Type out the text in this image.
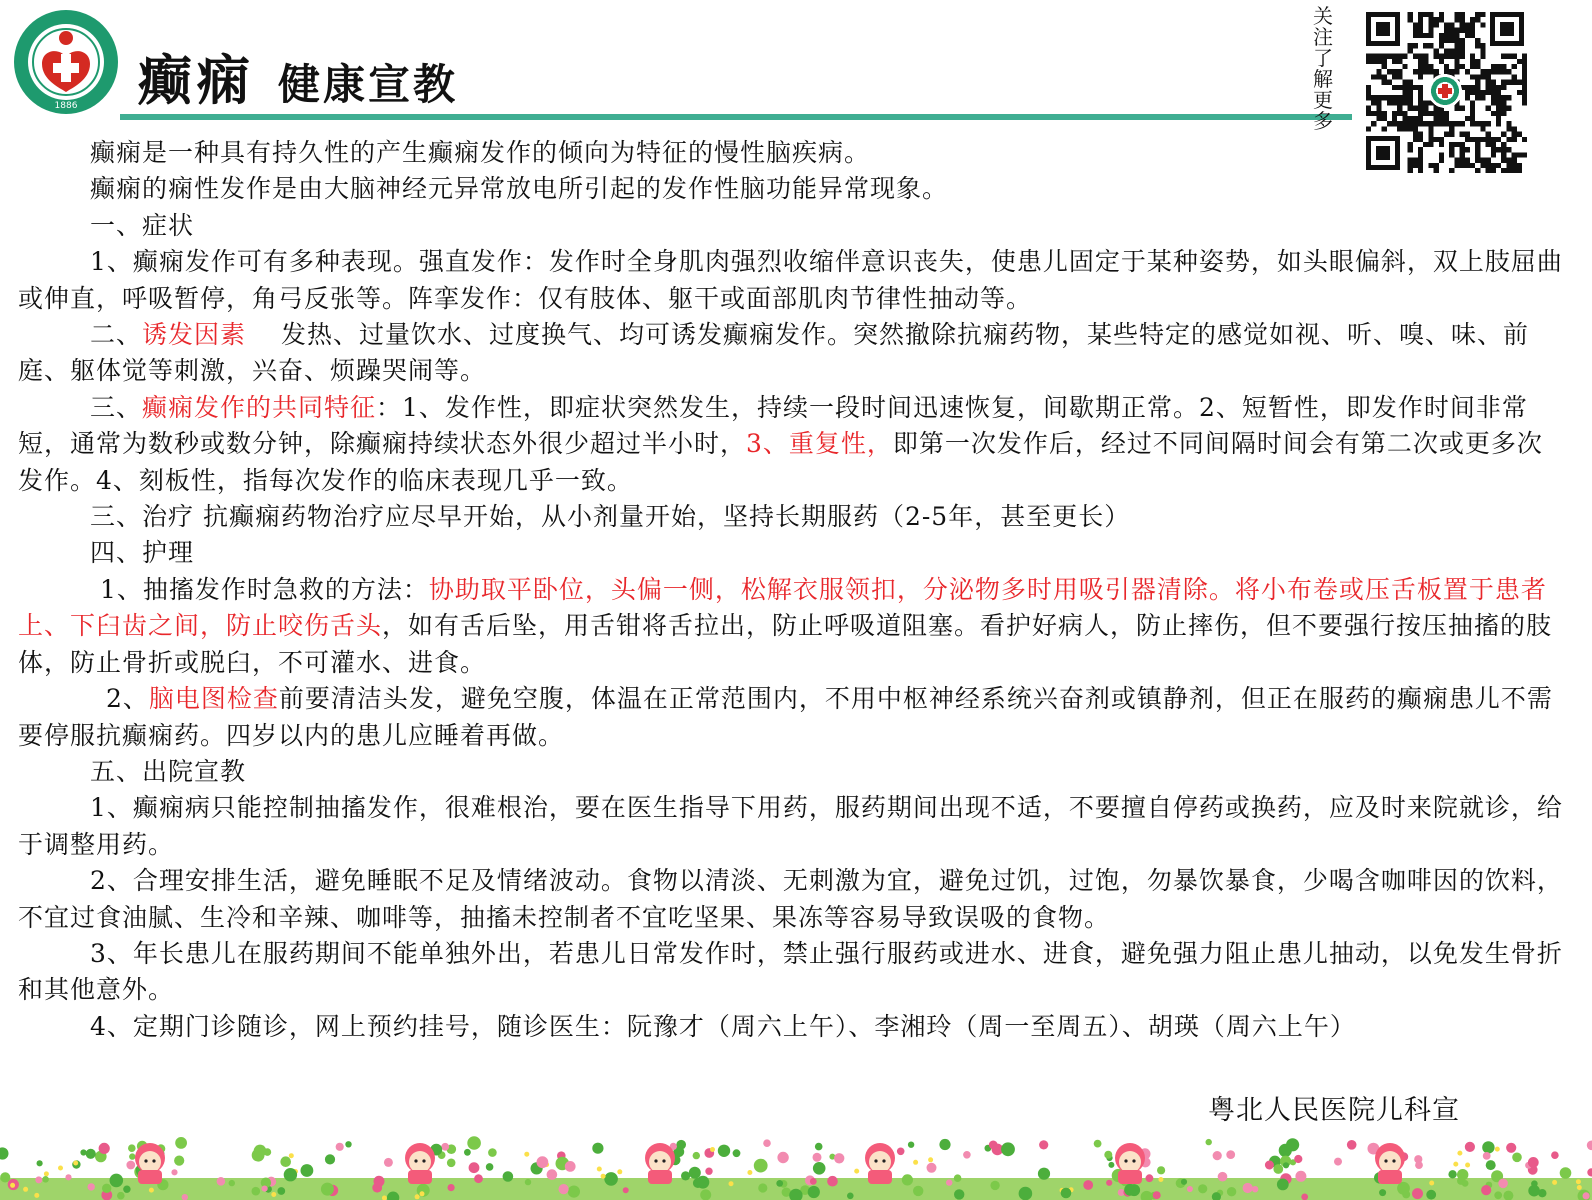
1886 癫痫 健康宣教
关
注
了
解
更
多

癫痫是一种具有持久性的产生癫痫发作的倾向为特征的慢性脑疾病。

癫痫的痫性发作是由大脑神经元异常放电所引起的发作性脑功能异常现象。

一、症状

1、癫痫发作可有多种表现。强直发作：发作时全身肌肉强烈收缩伴意识丧失，使患儿固定于某种姿势，如头眼偏斜，双上肢屈曲或伸直，呼吸暂停，角弓反张等。阵挛发作：仅有肢体、躯干或面部肌肉节律性抽动等。

二、诱发因素　 发热、过量饮水、过度换气、均可诱发癫痫发作。突然撤除抗痫药物，某些特定的感觉如视、听、嗅、味、前庭、躯体觉等刺激，兴奋、烦躁哭闹等。

三、癫痫发作的共同特征：1、发作性，即症状突然发生，持续一段时间迅速恢复，间歇期正常。2、短暂性，即发作时间非常短，通常为数秒或数分钟，除癫痫持续状态外很少超过半小时，3、重复性，即第一次发作后，经过不同间隔时间会有第二次或更多次发作。4、刻板性，指每次发作的临床表现几乎一致。

三、治疗 抗癫痫药物治疗应尽早开始，从小剂量开始，坚持长期服药（2-5年，甚至更长）

四、护理

1、抽搐发作时急救的方法：协助取平卧位，头偏一侧，松解衣服领扣，分泌物多时用吸引器清除。将小布卷或压舌板置于患者上、下臼齿之间，防止咬伤舌头，如有舌后坠，用舌钳将舌拉出，防止呼吸道阻塞。看护好病人，防止摔伤，但不要强行按压抽搐的肢体，防止骨折或脱臼，不可灌水、进食。

2、脑电图检查前要清洁头发，避免空腹，体温在正常范围内，不用中枢神经系统兴奋剂或镇静剂，但正在服药的癫痫患儿不需要停服抗癫痫药。四岁以内的患儿应睡着再做。

五、出院宣教

1、癫痫病只能控制抽搐发作，很难根治，要在医生指导下用药，服药期间出现不适，不要擅自停药或换药，应及时来院就诊，给于调整用药。

2、合理安排生活，避免睡眠不足及情绪波动。食物以清淡、无刺激为宜，避免过饥，过饱，勿暴饮暴食，少喝含咖啡因的饮料，不宜过食油腻、生冷和辛辣、咖啡等，抽搐未控制者不宜吃坚果、果冻等容易导致误吸的食物。

3、年长患儿在服药期间不能单独外出，若患儿日常发作时，禁止强行服药或进水、进食，避免强力阻止患儿抽动，以免发生骨折和其他意外。

4、定期门诊随诊，网上预约挂号，随诊医生：阮豫才（周六上午）、李湘玲（周一至周五）、胡瑛（周六上午）

粤北人民医院儿科宣
